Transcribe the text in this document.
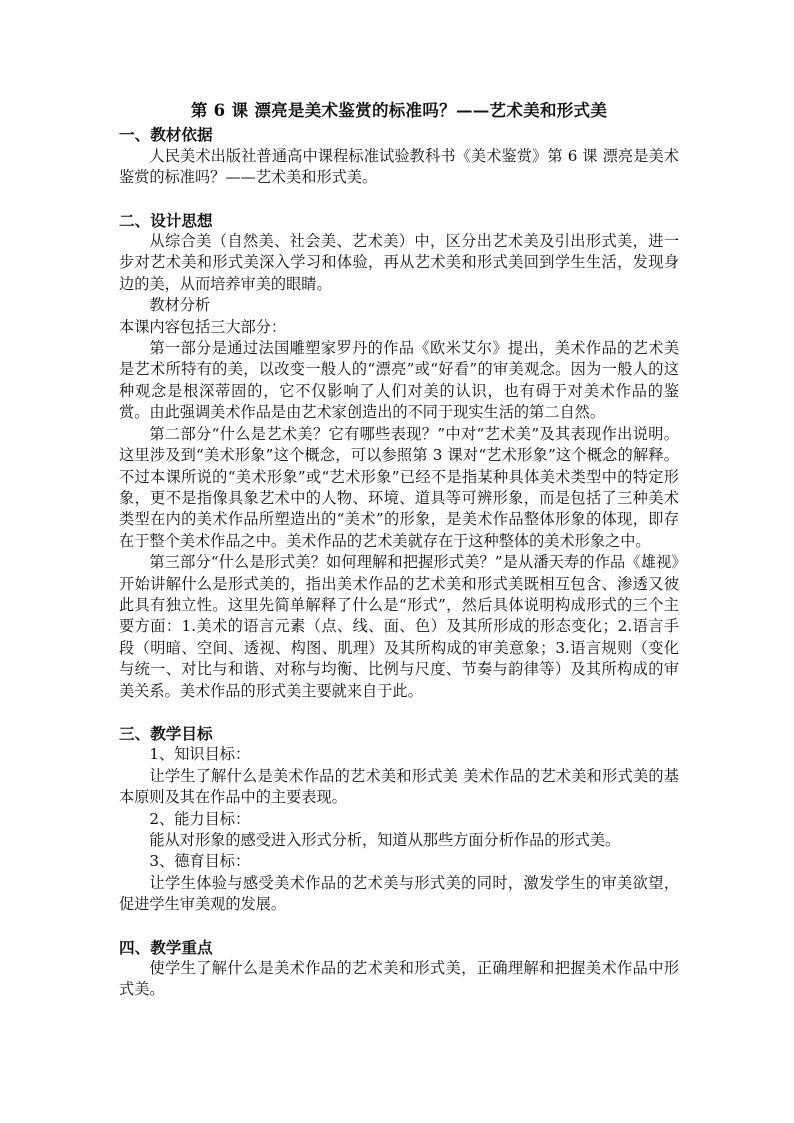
第 6 课 漂亮是美术鉴赏的标准吗？——艺术美和形式美
一、教材依据

人民美术出版社普通高中课程标准试验教科书《美术鉴赏》第 6 课 漂亮是美术鉴赏的标准吗？——艺术美和形式美。

二、设计思想

从综合美（自然美、社会美、艺术美）中，区分出艺术美及引出形式美，进一步对艺术美和形式美深入学习和体验，再从艺术美和形式美回到学生生活，发现身边的美，从而培养审美的眼睛。

教材分析

本课内容包括三大部分：

第一部分是通过法国雕塑家罗丹的作品《欧米艾尔》提出，美术作品的艺术美是艺术所特有的美，以改变一般人的“漂亮”或“好看”的审美观念。因为一般人的这种观念是根深蒂固的，它不仅影响了人们对美的认识，也有碍于对美术作品的鉴赏。由此强调美术作品是由艺术家创造出的不同于现实生活的第二自然。

第二部分“什么是艺术美？它有哪些表现？”中对“艺术美”及其表现作出说明。这里涉及到“美术形象”这个概念，可以参照第 3 课对“艺术形象”这个概念的解释。不过本课所说的“美术形象”或“艺术形象”已经不是指某种具体美术类型中的特定形象，更不是指像具象艺术中的人物、环境、道具等可辨形象，而是包括了三种美术类型在内的美术作品所塑造出的“美术”的形象，是美术作品整体形象的体现，即存在于整个美术作品之中。美术作品的艺术美就存在于这种整体的美术形象之中。

第三部分“什么是形式美？如何理解和把握形式美？”是从潘天寿的作品《雄视》开始讲解什么是形式美的，指出美术作品的艺术美和形式美既相互包含、渗透又彼此具有独立性。这里先简单解释了什么是“形式”，然后具体说明构成形式的三个主要方面：1.美术的语言元素（点、线、面、色）及其所形成的形态变化；2.语言手段（明暗、空间、透视、构图、肌理）及其所构成的审美意象；3.语言规则（变化与统一、对比与和谐、对称与均衡、比例与尺度、节奏与韵律等）及其所构成的审美关系。美术作品的形式美主要就来自于此。

三、教学目标

1、知识目标：

让学生了解什么是美术作品的艺术美和形式美 美术作品的艺术美和形式美的基本原则及其在作品中的主要表现。

2、能力目标：

能从对形象的感受进入形式分析，知道从那些方面分析作品的形式美。

3、德育目标：

让学生体验与感受美术作品的艺术美与形式美的同时，激发学生的审美欲望，促进学生审美观的发展。

四、教学重点

使学生了解什么是美术作品的艺术美和形式美，正确理解和把握美术作品中形式美。
